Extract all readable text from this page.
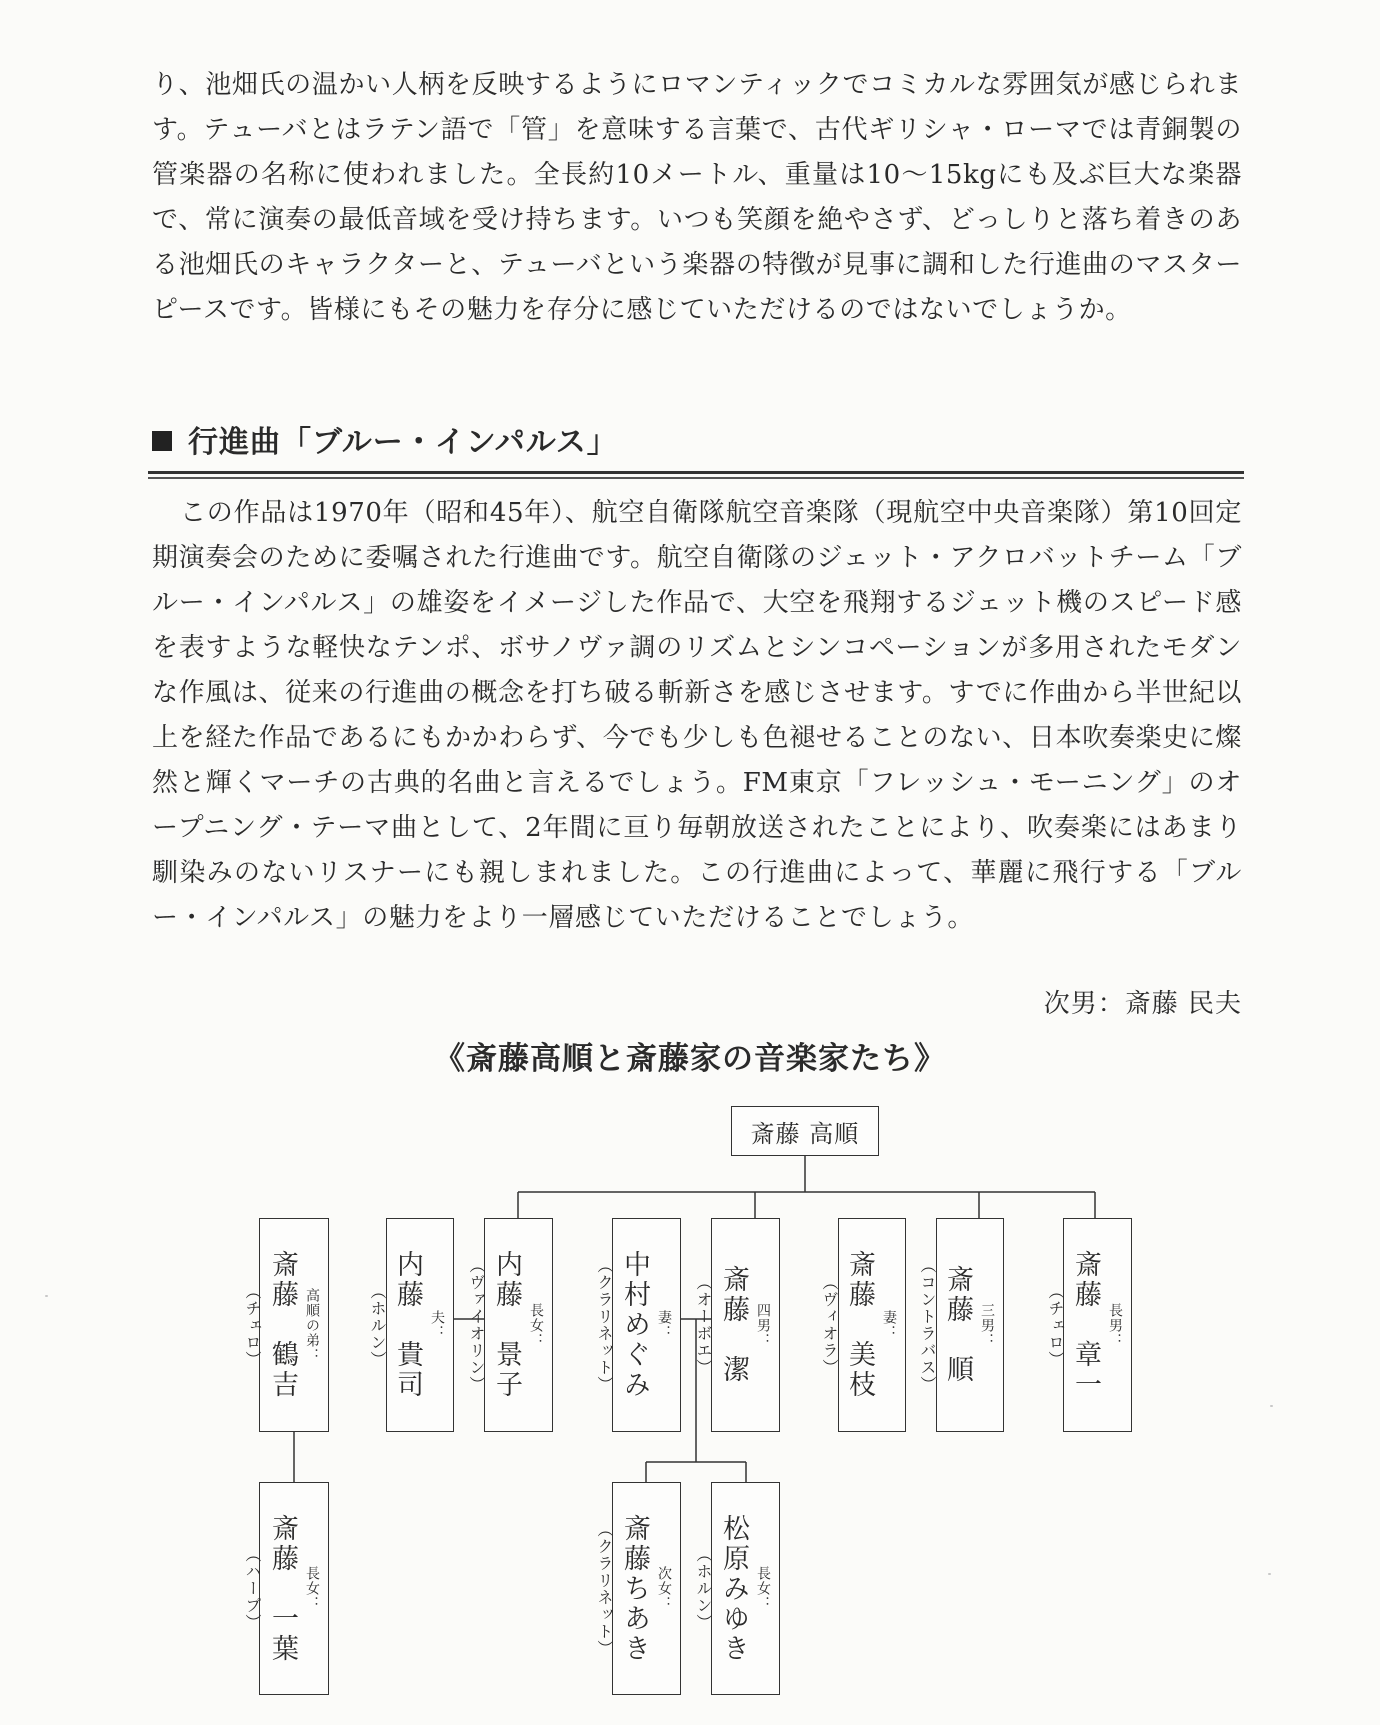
り、池畑氏の温かい人柄を反映するようにロマンティックでコミカルな雰囲気が感じられます。テューバとはラテン語で「管」を意味する言葉で、古代ギリシャ・ローマでは青銅製の管楽器の名称に使われました。全長約10メートル、重量は10〜15kgにも及ぶ巨大な楽器で、常に演奏の最低音域を受け持ちます。いつも笑顔を絶やさず、どっしりと落ち着きのある池畑氏のキャラクターと、テューバという楽器の特徴が見事に調和した行進曲のマスターピースです。皆様にもその魅力を存分に感じていただけるのではないでしょうか。

行進曲「ブルー・インパルス」

この作品は1970年（昭和45年）、航空自衛隊航空音楽隊（現航空中央音楽隊）第10回定期演奏会のために委嘱された行進曲です。航空自衛隊のジェット・アクロバットチーム「ブルー・インパルス」の雄姿をイメージした作品で、大空を飛翔するジェット機のスピード感を表すような軽快なテンポ、ボサノヴァ調のリズムとシンコペーションが多用されたモダンな作風は、従来の行進曲の概念を打ち破る斬新さを感じさせます。すでに作曲から半世紀以上を経た作品であるにもかかわらず、今でも少しも色褪せることのない、日本吹奏楽史に燦然と輝くマーチの古典的名曲と言えるでしょう。FM東京「フレッシュ・モーニング」のオープニング・テーマ曲として、2年間に亘り毎朝放送されたことにより、吹奏楽にはあまり馴染みのないリスナーにも親しまれました。この行進曲によって、華麗に飛行する「ブルー・インパルス」の魅力をより一層感じていただけることでしょう。

次男：斎藤 民夫
《斎藤高順と斎藤家の音楽家たち》
斎藤 高順
高順の弟：
斎藤　鶴吉
（チェロ）
長女：
斎藤　一葉
（ハープ）
夫：
内藤　貴司
（ホルン）	長女：
内藤　景子
（ヴァイオリン）	妻：
中村めぐみ
（クラリネット）	四男：
斎藤　潔
（オーボエ）
次女：
斎藤ちあき
（クラリネット）	長女：
松原みゆき
（ホルン）
妻：
斎藤　美枝
（ヴィオラ）	三男：
斎藤　順
（コントラバス）	長男：
斎藤　章一
（チェロ）
